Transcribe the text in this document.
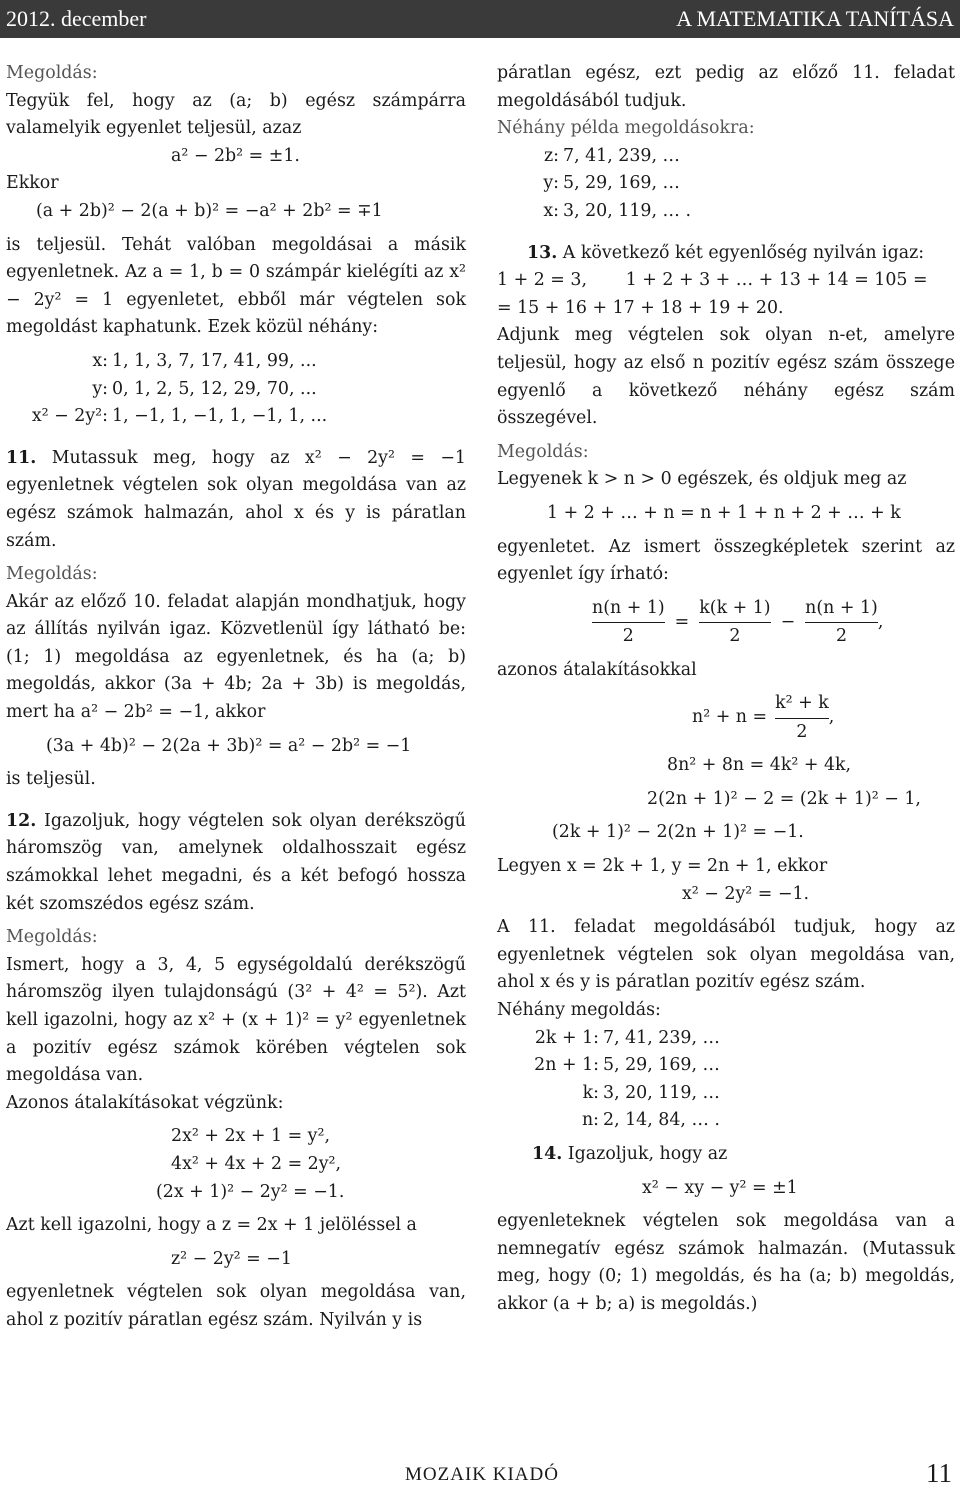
2012. december	A MATEMATIKA TANÍTÁSA

Megoldás:

Tegyük fel, hogy az (a; b) egész számpárra valamelyik egyenlet teljesül, azaz

a² − 2b² = ±1.

Ekkor

(a + 2b)² − 2(a + b)² = −a² + 2b² = ∓1

is teljesül. Tehát valóban megoldásai a másik egyenletnek. Az a = 1, b = 0 számpár kielégíti az x² − 2y² = 1 egyenletet, ebből már végtelen sok megoldást kaphatunk. Ezek közül néhány:

x:	1, 1, 3, 7, 17, 41, 99, ...
y:	0, 1, 2, 5, 12, 29, 70, ...
x² − 2y²:	1, −1, 1, −1, 1, −1, 1, ...

11. Mutassuk meg, hogy az x² − 2y² = −1 egyenletnek végtelen sok olyan megoldása van az egész számok halmazán, ahol x és y is páratlan szám.

Megoldás:

Akár az előző 10. feladat alapján mondhatjuk, hogy az állítás nyilván igaz. Közvetlenül így látható be: (1; 1) megoldása az egyenletnek, és ha (a; b) megoldás, akkor (3a + 4b; 2a + 3b) is megoldás, mert ha a² − 2b² = −1, akkor

(3a + 4b)² − 2(2a + 3b)² = a² − 2b² = −1

is teljesül.

12. Igazoljuk, hogy végtelen sok olyan derékszögű háromszög van, amelynek oldalhosszait egész számokkal lehet megadni, és a két befogó hossza két szomszédos egész szám.

Megoldás:

Ismert, hogy a 3, 4, 5 egységoldalú derékszögű háromszög ilyen tulajdonságú (3² + 4² = 5²). Azt kell igazolni, hogy az x² + (x + 1)² = y² egyenletnek a pozitív egész számok körében végtelen sok megoldása van.

Azonos átalakításokat végzünk:

2x² + 2x + 1 = y²,

4x² + 4x + 2 = 2y²,

(2x + 1)² − 2y² = −1.

Azt kell igazolni, hogy a z = 2x + 1 jelöléssel a

z² − 2y² = −1

egyenletnek végtelen sok olyan megoldása van, ahol z pozitív páratlan egész szám. Nyilván y is

páratlan egész, ezt pedig az előző 11. feladat megoldásából tudjuk.

Néhány példa megoldásokra:

z:	7, 41, 239, …
y:	5, 29, 169, …
x:	3, 20, 119, … .

13. A következő két egyenlőség nyilván igaz:

1 + 2 = 3, 1 + 2 + 3 + … + 13 + 14 = 105 =

= 15 + 16 + 17 + 18 + 19 + 20.

Adjunk meg végtelen sok olyan n-et, amelyre teljesül, hogy az első n pozitív egész szám összege egyenlő a következő néhány egész szám összegével.

Megoldás:

Legyenek k > n > 0 egészek, és oldjuk meg az

1 + 2 + … + n = n + 1 + n + 2 + … + k

egyenletet. Az ismert összegképletek szerint az egyenlet így írható:

$\frac{n(n + 1)}{2} = \frac{k(k + 1)}{2} - \frac{n(n + 1)}{2}$ ,

azonos átalakításokkal

$n^2 + n = \frac{\text{k² + k}}{2}$ ,

8n² + 8n = 4k² + 4k,

2(2n + 1)² − 2 = (2k + 1)² − 1,

(2k + 1)² − 2(2n + 1)² = −1.

Legyen x = 2k + 1, y = 2n + 1, ekkor

x² − 2y² = −1.

A 11. feladat megoldásából tudjuk, hogy az egyenletnek végtelen sok olyan megoldása van, ahol x és y is páratlan pozitív egész szám.

Néhány megoldás:

2k + 1:	7, 41, 239, …
2n + 1:	5, 29, 169, …
k:	3, 20, 119, …
n:	2, 14, 84, … .

14. Igazoljuk, hogy az

x² − xy − y² = ±1

egyenleteknek végtelen sok megoldása van a nemnegatív egész számok halmazán. (Mutassuk meg, hogy (0; 1) megoldás, és ha (a; b) megoldás, akkor (a + b; a) is megoldás.)

MOZAIK KIADÓ	11
